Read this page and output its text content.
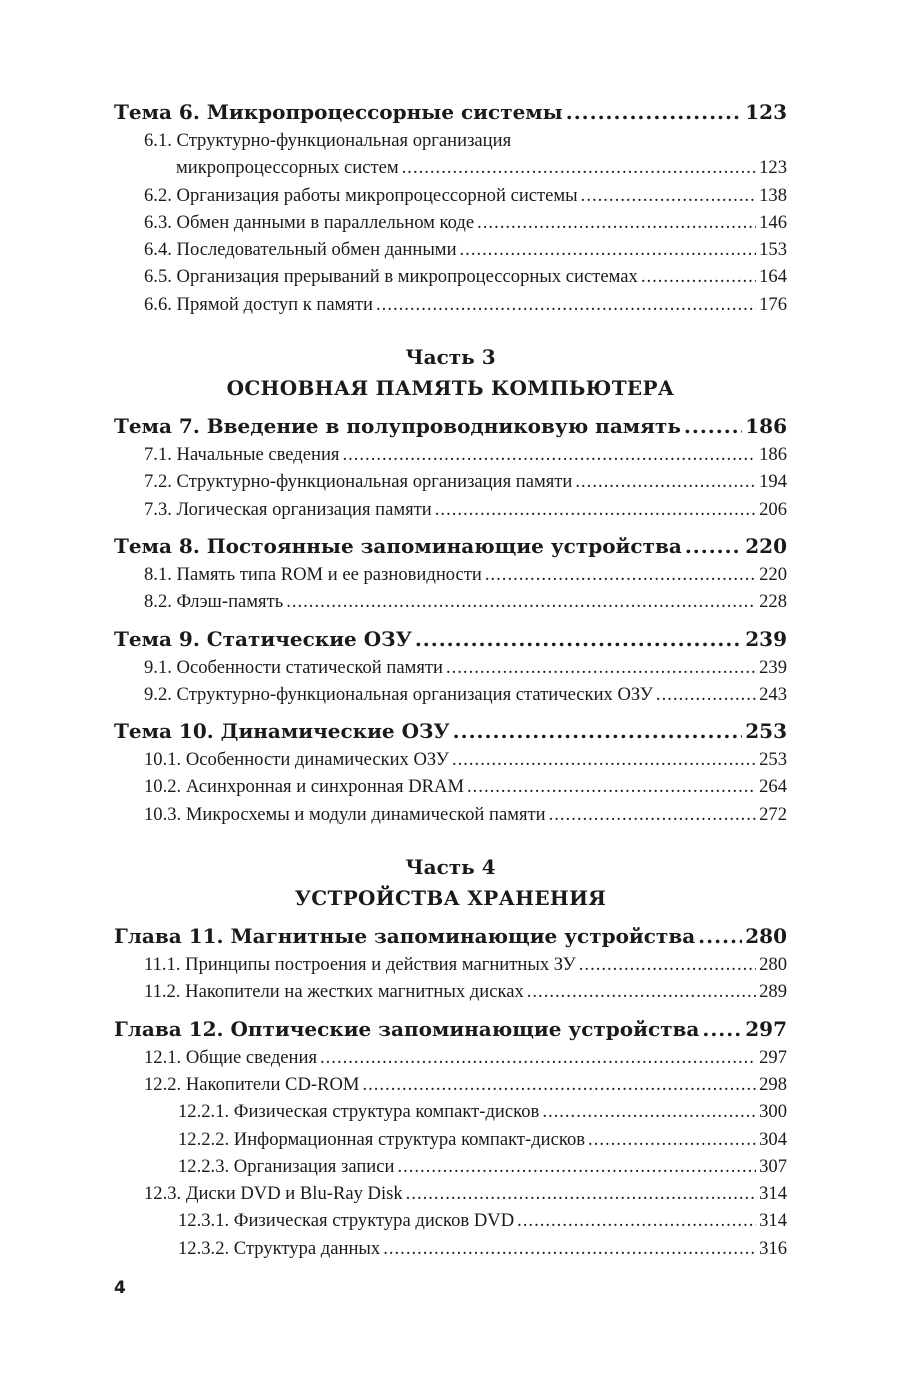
Тема 6. Микропроцессорные системы .....	123
6.1. Структурно-функциональная организация
микропроцессорных систем .....	123
6.2. Организация работы микропроцессорной системы .....	138
6.3. Обмен данными в параллельном коде .....	146
6.4. Последовательный обмен данными .....	153
6.5. Организация прерываний в микропроцессорных системах .....	164
6.6. Прямой доступ к памяти .....	176
Часть 3
ОСНОВНАЯ ПАМЯТЬ КОМПЬЮТЕРА
Тема 7. Введение в полупроводниковую память .....	186
7.1. Начальные сведения .....	186
7.2. Структурно-функциональная организация памяти .....	194
7.3. Логическая организация памяти .....	206
Тема 8. Постоянные запоминающие устройства .....	220
8.1. Память типа ROM и ее разновидности .....	220
8.2. Флэш-память .....	228
Тема 9. Статические ОЗУ .....	239
9.1. Особенности статической памяти .....	239
9.2. Структурно-функциональная организация статических ОЗУ .....	243
Тема 10. Динамические ОЗУ .....	253
10.1. Особенности динамических ОЗУ .....	253
10.2. Асинхронная и синхронная DRAM .....	264
10.3. Микросхемы и модули динамической памяти .....	272
Часть 4
УСТРОЙСТВА ХРАНЕНИЯ
Глава 11. Магнитные запоминающие устройства .....	280
11.1. Принципы построения и действия магнитных ЗУ .....	280
11.2. Накопители на жестких магнитных дисках .....	289
Глава 12. Оптические запоминающие устройства ..... 297
12.1. Общие сведения .....	297
12.2. Накопители CD-ROM .....	298
12.2.1. Физическая структура компакт-дисков .....	300
12.2.2. Информационная структура компакт-дисков .....	304
12.2.3. Организация записи .....	307
12.3. Диски DVD и Blu-Ray Disk .....	314
12.3.1. Физическая структура дисков DVD .....	314
12.3.2. Структура данных .....	316
4
